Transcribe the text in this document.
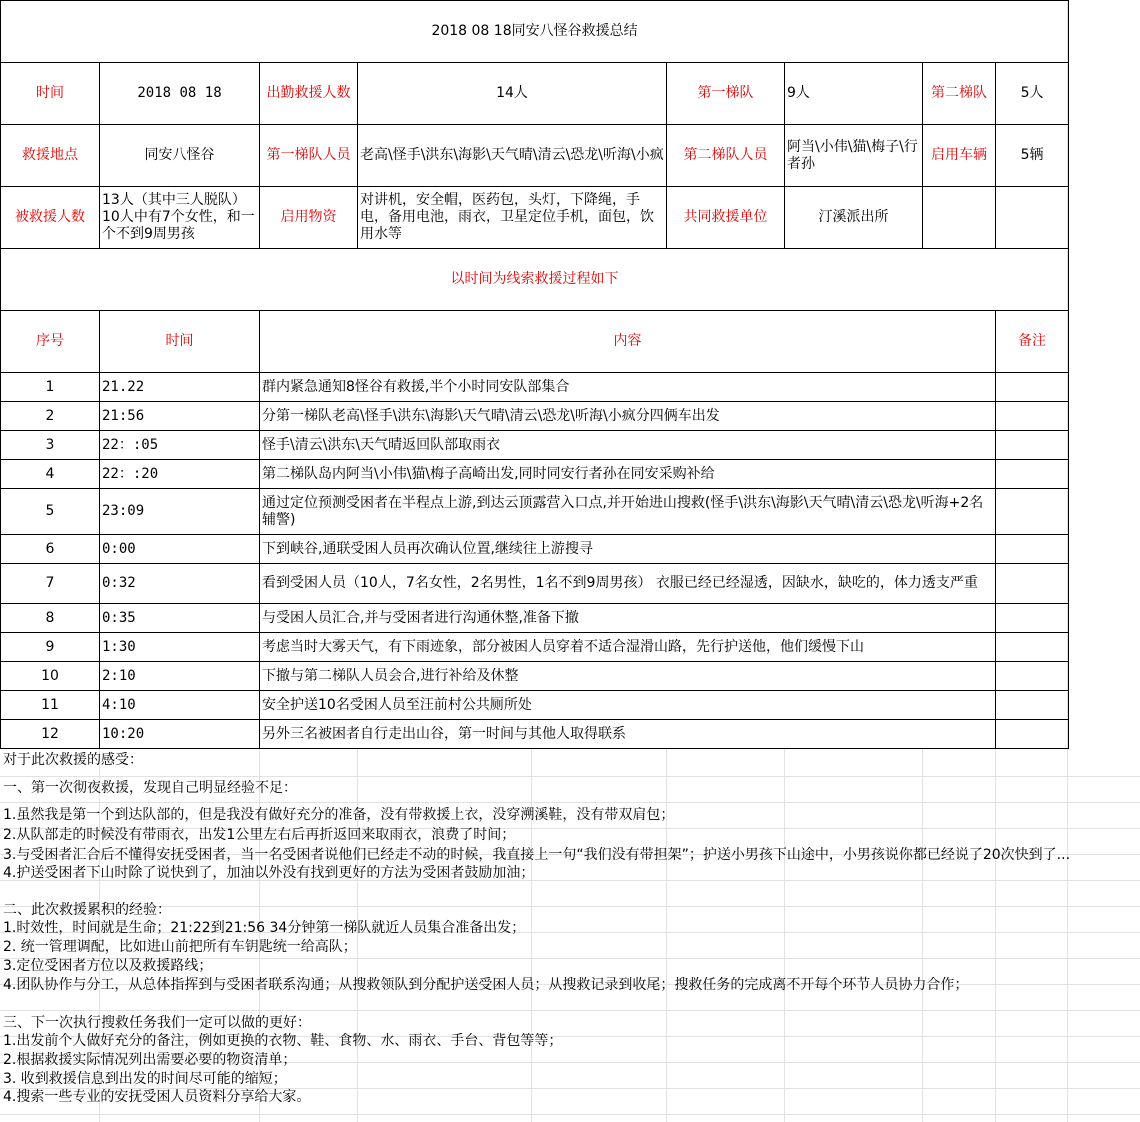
2018 08 18同安八怪谷救援总结							
时间	2018 08 18	出勤救援人数	14人	第一梯队	9人	第二梯队	5人
救援地点	同安八怪谷	第一梯队人员	老高\怪手\洪东\海影\天气晴\清云\恐龙\听海\小疯	第二梯队人员	阿当\小伟\猫\梅子\行者孙	启用车辆	5辆
被救援人数	13人（其中三人脱队）10人中有7个女性，和一个不到9周男孩	启用物资	对讲机，安全帽，医药包，头灯，下降绳，手电，备用电池，雨衣，卫星定位手机，面包，饮用水等	共同救援单位	汀溪派出所		
以时间为线索救援过程如下							
序号	时间	内容					备注
1	21.22	群内紧急通知8怪谷有救援,半个小时同安队部集合					
2	21:56	分第一梯队老高\怪手\洪东\海影\天气晴\清云\恐龙\听海\小疯分四俩车出发					
3	22：:05	怪手\清云\洪东\天气晴返回队部取雨衣					
4	22：:20	第二梯队岛内阿当\小伟\猫\梅子高崎出发,同时同安行者孙在同安采购补给					
5	23:09	通过定位预测受困者在半程点上游,到达云顶露营入口点,并开始进山搜救(怪手\洪东\海影\天气晴\清云\恐龙\听海+2名辅警)					
6	0:00	下到峡谷,通联受困人员再次确认位置,继续往上游搜寻					
7	0:32	看到受困人员（10人，7名女性，2名男性，1名不到9周男孩） 衣服已经已经湿透，因缺水，缺吃的，体力透支严重					
8	0:35	与受困人员汇合,并与受困者进行沟通休整,准备下撤					
9	1:30	考虑当时大雾天气，有下雨迹象，部分被困人员穿着不适合湿滑山路，先行护送他，他们缓慢下山					
10	2:10	下撤与第二梯队人员会合,进行补给及休整					
11	4:10	安全护送10名受困人员至汪前村公共厕所处					
12	10:20	另外三名被困者自行走出山谷，第一时间与其他人取得联系					
对于此次救援的感受：
一、第一次彻夜救援，发现自己明显经验不足：
1.虽然我是第一个到达队部的，但是我没有做好充分的准备，没有带救援上衣，没穿溯溪鞋，没有带双肩包；
2.从队部走的时候没有带雨衣，出发1公里左右后再折返回来取雨衣，浪费了时间；
3.与受困者汇合后不懂得安抚受困者，当一名受困者说他们已经走不动的时候，我直接上一句“我们没有带担架”；护送小男孩下山途中，小男孩说你都已经说了20次快到了...
4.护送受困者下山时除了说快到了，加油以外没有找到更好的方法为受困者鼓励加油；
二、此次救援累积的经验：
1.时效性，时间就是生命；21:22到21:56 34分钟第一梯队就近人员集合准备出发；
2. 统一管理调配，比如进山前把所有车钥匙统一给高队；
3.定位受困者方位以及救援路线；
4.团队协作与分工，从总体指挥到与受困者联系沟通；从搜救领队到分配护送受困人员；从搜救记录到收尾；搜救任务的完成离不开每个环节人员协力合作；
三、下一次执行搜救任务我们一定可以做的更好：
1.出发前个人做好充分的备注，例如更换的衣物、鞋、食物、水、雨衣、手台、背包等等；
2.根据救援实际情况列出需要必要的物资清单；
3. 收到救援信息到出发的时间尽可能的缩短；
4.搜索一些专业的安抚受困人员资料分享给大家。
